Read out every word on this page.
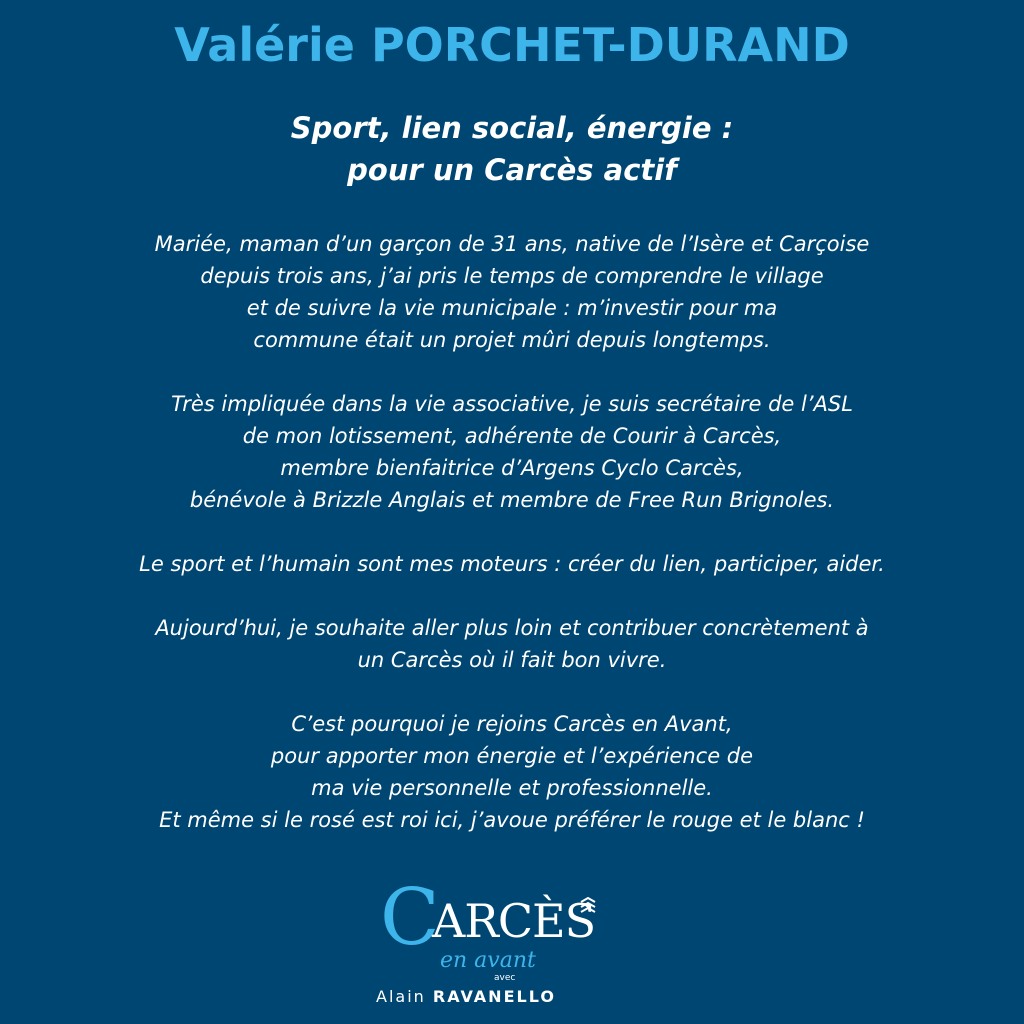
Valérie PORCHET-DURAND
Sport, lien social, énergie :
pour un Carcès actif
Mariée, maman d’un garçon de 31 ans, native de l’Isère et Carçoise
depuis trois ans, j’ai pris le temps de comprendre le village
et de suivre la vie municipale : m’investir pour ma
commune était un projet mûri depuis longtemps.
Très impliquée dans la vie associative, je suis secrétaire de l’ASL
de mon lotissement, adhérente de Courir à Carcès,
membre bienfaitrice d’Argens Cyclo Carcès,
bénévole à Brizzle Anglais et membre de Free Run Brignoles.
Le sport et l’humain sont mes moteurs : créer du lien, participer, aider.
Aujourd’hui, je souhaite aller plus loin et contribuer concrètement à
un Carcès où il fait bon vivre.
C’est pourquoi je rejoins Carcès en Avant,
pour apporter mon énergie et l’expérience de
ma vie personnelle et professionnelle.
Et même si le rosé est roi ici, j’avoue préférer le rouge et le blanc !
C
ARCÈS
en avant
avec
Alain RAVANELLO
